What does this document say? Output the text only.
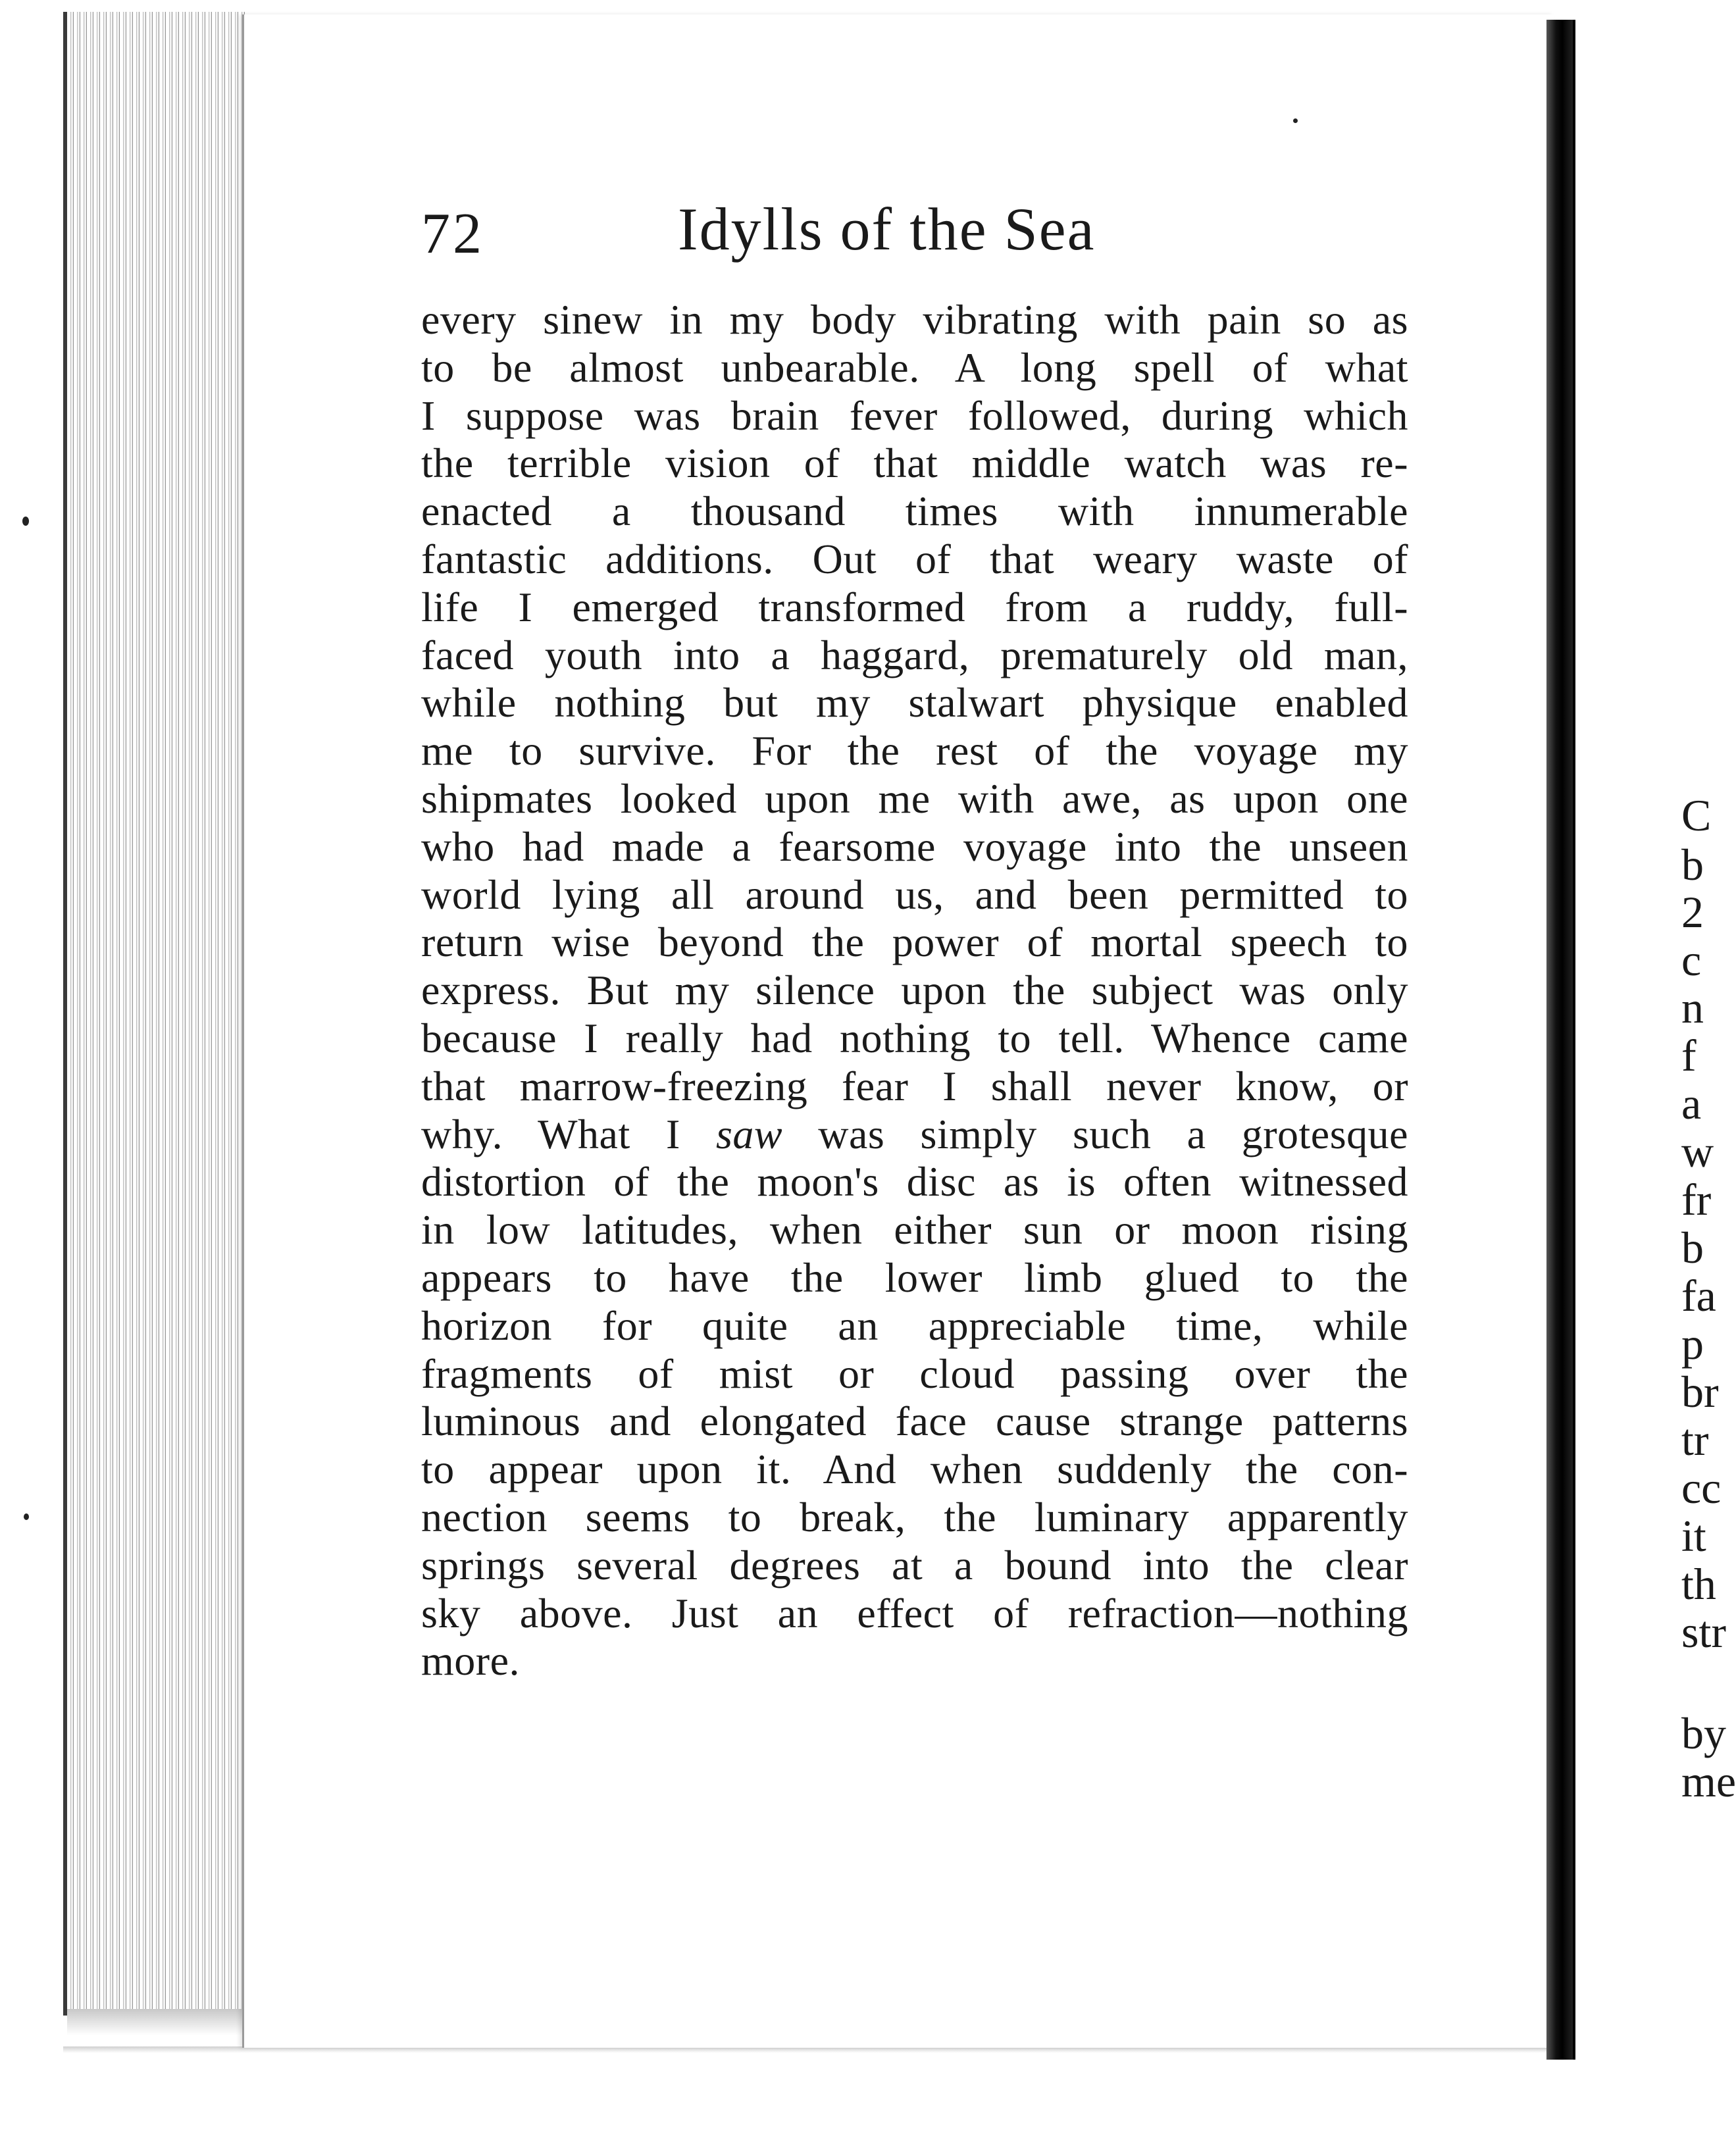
72	Idylls of the Sea
every sinew in my body vibrating with pain so as
to be almost unbearable. A long spell of what
I suppose was brain fever followed, during which
the terrible vision of that middle watch was re-
enacted a thousand times with innumerable
fantastic additions. Out of that weary waste of
life I emerged transformed from a ruddy, full-
faced youth into a haggard, prematurely old man,
while nothing but my stalwart physique enabled
me to survive. For the rest of the voyage my
shipmates looked upon me with awe, as upon one
who had made a fearsome voyage into the unseen
world lying all around us, and been permitted to
return wise beyond the power of mortal speech to
express. But my silence upon the subject was only
because I really had nothing to tell. Whence came
that marrow-freezing fear I shall never know, or
why. What I saw was simply such a grotesque
distortion of the moon's disc as is often witnessed
in low latitudes, when either sun or moon rising
appears to have the lower limb glued to the
horizon for quite an appreciable time, while
fragments of mist or cloud passing over the
luminous and elongated face cause strange patterns
to appear upon it. And when suddenly the con-
nection seems to break, the luminary apparently
springs several degrees at a bound into the clear
sky above. Just an effect of refraction—nothing
more.
C
b
2
c
n
f
a
w
fr
b
fa
p
br
tr
cc
it
th
str
by
me
